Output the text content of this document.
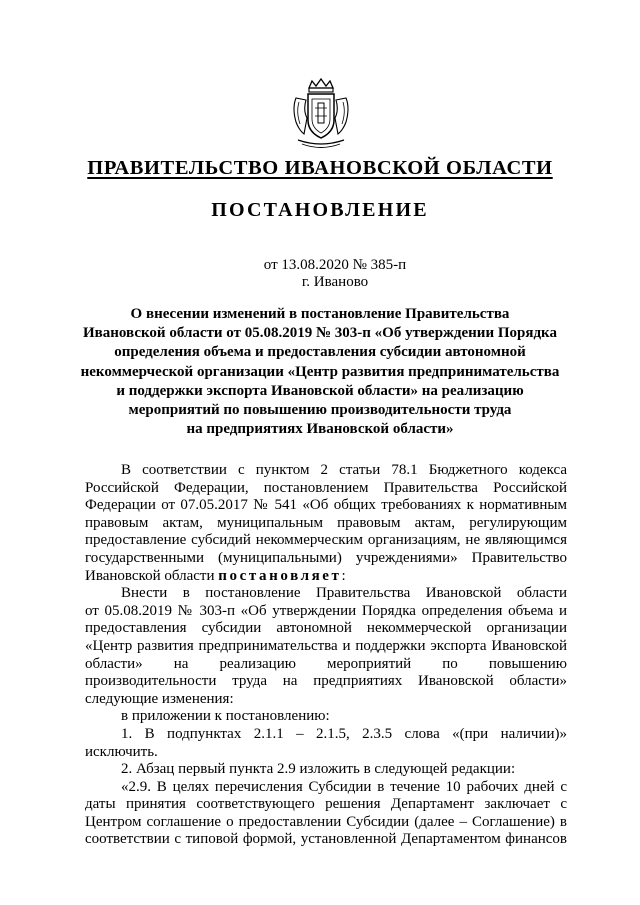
ПРАВИТЕЛЬСТВО ИВАНОВСКОЙ ОБЛАСТИ
ПОСТАНОВЛЕНИЕ
от 13.08.2020 № 385-п
г. Иваново
О внесении изменений в постановление Правительства
Ивановской области от 05.08.2019 № 303-п «Об утверждении Порядка
определения объема и предоставления субсидии автономной
некоммерческой организации «Центр развития предпринимательства
и поддержки экспорта Ивановской области» на реализацию
мероприятий по повышению производительности труда
на предприятиях Ивановской области»
В соответствии с пунктом 2 статьи 78.1 Бюджетного кодекса
Российской Федерации, постановлением Правительства Российской
Федерации от 07.05.2017 № 541 «Об общих требованиях к нормативным
правовым актам, муниципальным правовым актам, регулирующим
предоставление субсидий некоммерческим организациям, не являющимся
государственными (муниципальными) учреждениями» Правительство
Ивановской области постановляет:
Внести в постановление Правительства Ивановской области
от 05.08.2019 № 303-п «Об утверждении Порядка определения объема и
предоставления субсидии автономной некоммерческой организации
«Центр развития предпринимательства и поддержки экспорта Ивановской
области» на реализацию мероприятий по повышению
производительности труда на предприятиях Ивановской области»
следующие изменения:
в приложении к постановлению:
1. В подпунктах 2.1.1 – 2.1.5, 2.3.5 слова «(при наличии)»
исключить.
2. Абзац первый пункта 2.9 изложить в следующей редакции:
«2.9. В целях перечисления Субсидии в течение 10 рабочих дней с
даты принятия соответствующего решения Департамент заключает с
Центром соглашение о предоставлении Субсидии (далее – Соглашение) в
соответствии с типовой формой, установленной Департаментом финансов
